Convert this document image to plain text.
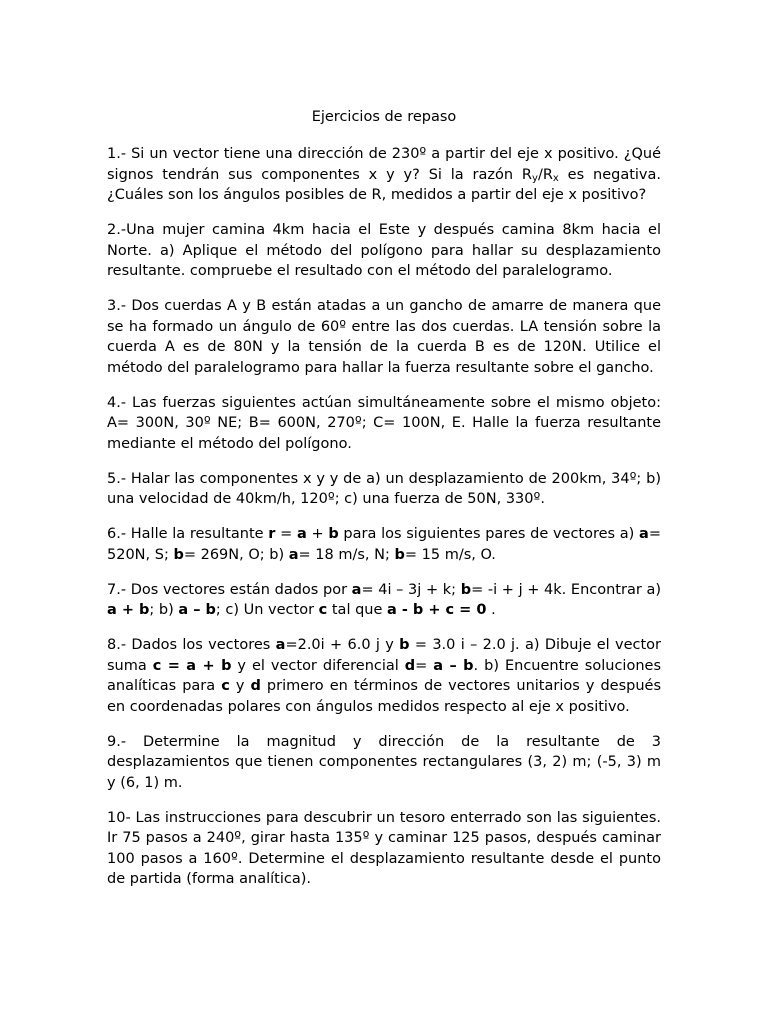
Ejercicios de repaso

1.- Si un vector tiene una dirección de 230º a partir del eje x positivo. ¿Qué signos tendrán sus componentes x y y? Si la razón $R_y/R_x$ es negativa. ¿Cuáles son los ángulos posibles de R, medidos a partir del eje x positivo?

2.-Una mujer camina 4km hacia el Este y después camina 8km hacia el Norte. a) Aplique el método del polígono para hallar su desplazamiento resultante. compruebe el resultado con el método del paralelogramo.

3.- Dos cuerdas A y B están atadas a un gancho de amarre de manera que se ha formado un ángulo de 60º entre las dos cuerdas. LA tensión sobre la cuerda A es de 80N y la tensión de la cuerda B es de 120N. Utilice el método del paralelogramo para hallar la fuerza resultante sobre el gancho.

4.- Las fuerzas siguientes actúan simultáneamente sobre el mismo objeto: A= 300N, 30º NE; B= 600N, 270º; C= 100N, E. Halle la fuerza resultante mediante el método del polígono.

5.- Halar las componentes x y y de a) un desplazamiento de 200km, 34º; b) una velocidad de 40km/h, 120º; c) una fuerza de 50N, 330º.

6.- Halle la resultante r = a + b para los siguientes pares de vectores a) a= 520N, S; b= 269N, O; b) a= 18 m/s, N; b= 15 m/s, O.

7.- Dos vectores están dados por a= 4i – 3j + k; b= -i + j + 4k. Encontrar a) a + b; b) a – b; c) Un vector c tal que a - b + c = 0 .

8.- Dados los vectores a=2.0i + 6.0 j y b = 3.0 i – 2.0 j. a) Dibuje el vector suma c = a + b y el vector diferencial d= a – b. b) Encuentre soluciones analíticas para c y d primero en términos de vectores unitarios y después en coordenadas polares con ángulos medidos respecto al eje x positivo.

9.- Determine la magnitud y dirección de la resultante de 3 desplazamientos que tienen componentes rectangulares (3, 2) m; (-5, 3) m y (6, 1) m.

10- Las instrucciones para descubrir un tesoro enterrado son las siguientes. Ir 75 pasos a 240º, girar hasta 135º y caminar 125 pasos, después caminar 100 pasos a 160º. Determine el desplazamiento resultante desde el punto de partida (forma analítica).
